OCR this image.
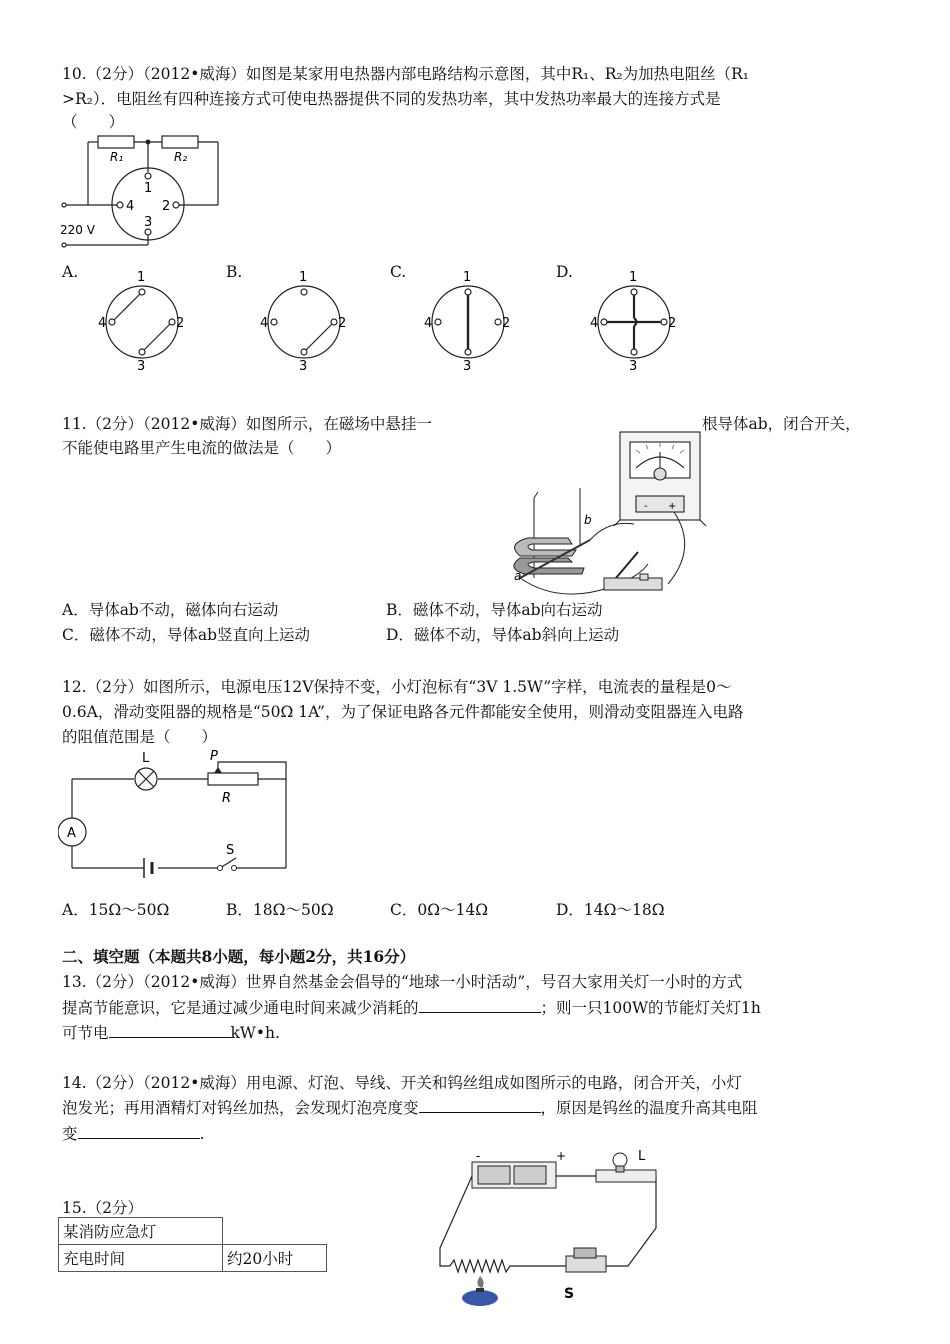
10.（2分）（2012•威海）如图是某家用电热器内部电路结构示意图，其中R₁、R₂为加热电阻丝（R₁
>R₂）．电阻丝有四种连接方式可使电热器提供不同的发热功率，其中发热功率最大的连接方式是
（　　）
R₁	R₂
1
2
3
4
220 V
A.	B.	C.	D.
1
2
3
4
1
2
3
4
1
2
3
4
1
2
3
4
11.（2分）（2012•威海）如图所示，在磁场中悬挂一	根导体ab，闭合开关，
不能使电路里产生电流的做法是（　　）
- +
a
b
A．导体ab不动，磁体向右运动	B．磁体不动，导体ab向右运动
C．磁体不动，导体ab竖直向上运动	D．磁体不动，导体ab斜向上运动
12.（2分）如图所示，电源电压12V保持不变，小灯泡标有“3V 1.5W”字样，电流表的量程是0～
0.6A，滑动变阻器的规格是“50Ω 1A”，为了保证电路各元件都能安全使用，则滑动变阻器连入电路
的阻值范围是（　　）
L	P
R
A
S
A．15Ω～50Ω	B．18Ω～50Ω	C．0Ω～14Ω	D．14Ω～18Ω
二、填空题（本题共8小题，每小题2分，共16分）
13.（2分）（2012•威海）世界自然基金会倡导的“地球一小时活动”，号召大家用关灯一小时的方式
提高节能意识，它是通过减少通电时间来减少消耗的	；则一只100W的节能灯关灯1h
可节电	kW•h.
14.（2分）（2012•威海）用电源、灯泡、导线、开关和钨丝组成如图所示的电路，闭合开关，小灯
泡发光；再用酒精灯对钨丝加热，会发现灯泡亮度变	，原因是钨丝的温度升高其电阻
变	.
-	+	L
S
15.（2分）
某消防应急灯	
充电时间	约20小时
